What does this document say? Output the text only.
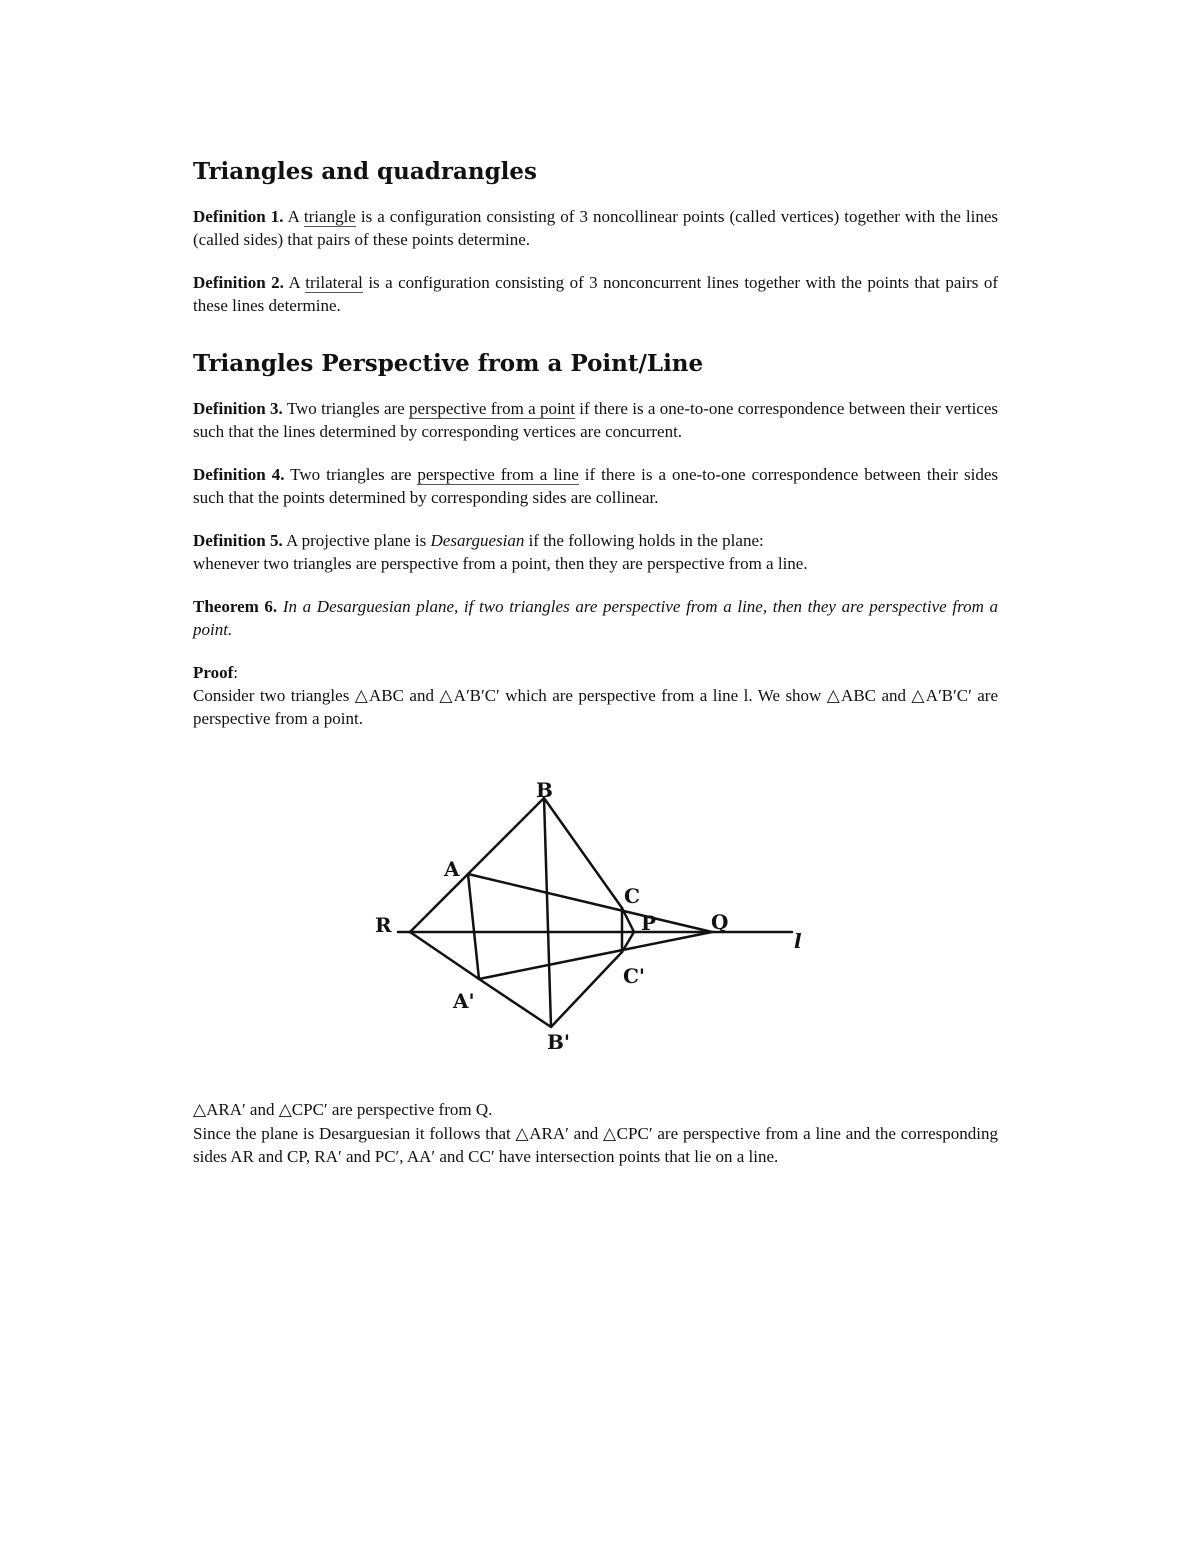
Triangles and quadrangles

Definition 1. A triangle is a configuration consisting of 3 noncollinear points (called vertices) together with the lines (called sides) that pairs of these points determine.

Definition 2. A trilateral is a configuration consisting of 3 nonconcurrent lines together with the points that pairs of these lines determine.

Triangles Perspective from a Point/Line

Definition 3. Two triangles are perspective from a point if there is a one-to-one correspondence between their vertices such that the lines determined by corresponding vertices are concurrent.

Definition 4. Two triangles are perspective from a line if there is a one-to-one correspondence between their sides such that the points determined by corresponding sides are collinear.

Definition 5. A projective plane is Desarguesian if the following holds in the plane:
whenever two triangles are perspective from a point, then they are perspective from a line.

Theorem 6. In a Desarguesian plane, if two triangles are perspective from a line, then they are perspective from a point.

Proof:
Consider two triangles △ABC and △A′B′C′ which are perspective from a line l. We show △ABC and △A′B′C′ are perspective from a point.

B
A
C
R	P	Q
l
C'
A'
B'
△ARA′ and △CPC′ are perspective from Q.
Since the plane is Desarguesian it follows that △ARA′ and △CPC′ are perspective from a line and the corresponding sides AR and CP, RA′ and PC′, AA′ and CC′ have intersection points that lie on a line.
